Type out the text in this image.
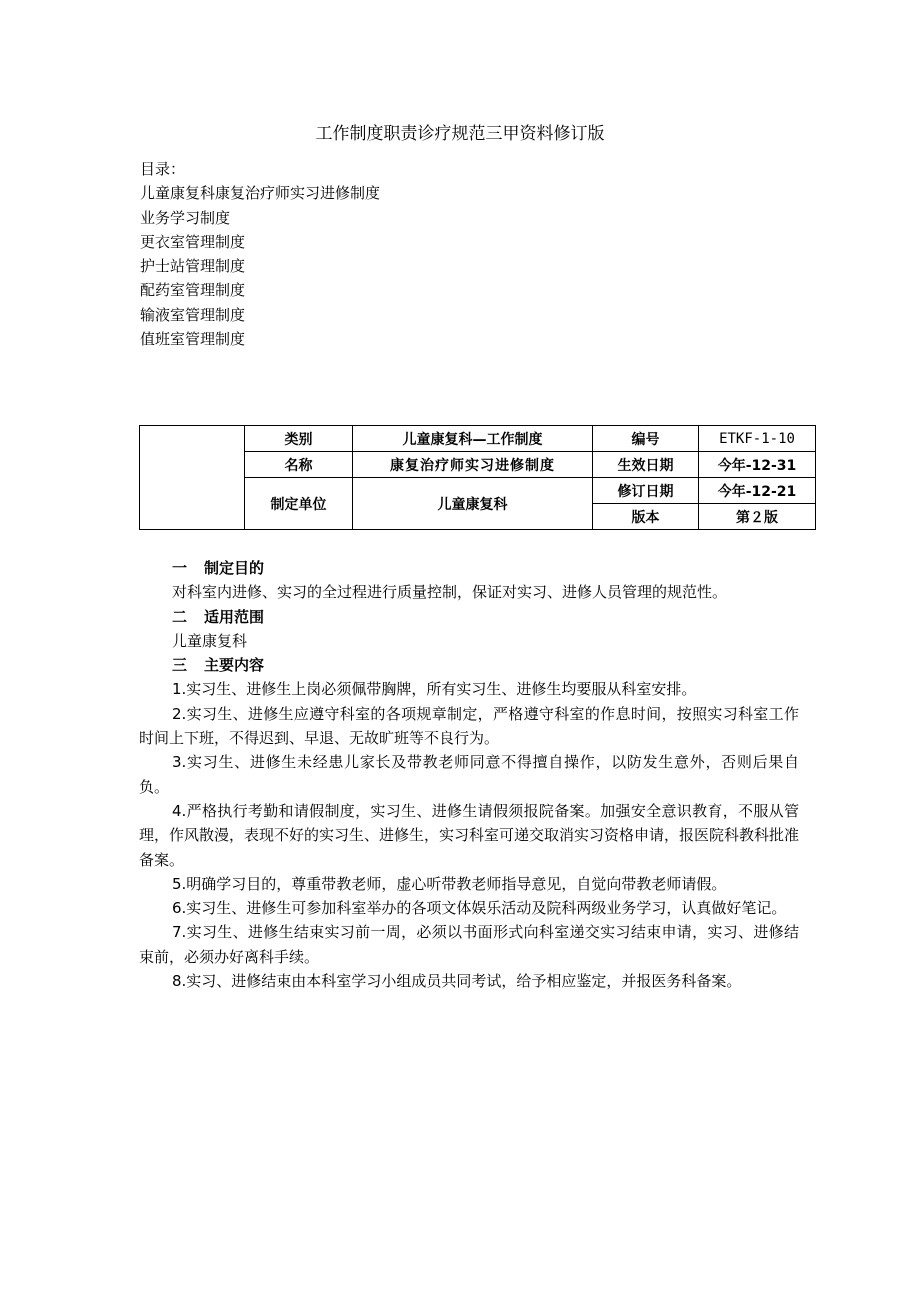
工作制度职责诊疗规范三甲资料修订版
目录：
儿童康复科康复治疗师实习进修制度
业务学习制度
更衣室管理制度
护士站管理制度
配药室管理制度
输液室管理制度
值班室管理制度
	类别	儿童康复科—工作制度	编号	ETKF-1-10
	名称	康复治疗师实习进修制度	生效日期	今年-12-31
	制定单位	儿童康复科	修订日期	今年-12-21
			版本	第２版

一 制定目的

对科室内进修、实习的全过程进行质量控制，保证对实习、进修人员管理的规范性。

二 适用范围

儿童康复科

三 主要内容

1.实习生、进修生上岗必须佩带胸牌，所有实习生、进修生均要服从科室安排。

2.实习生、进修生应遵守科室的各项规章制定，严格遵守科室的作息时间，按照实习科室工作时间上下班，不得迟到、早退、无故旷班等不良行为。

3.实习生、进修生未经患儿家长及带教老师同意不得擅自操作，以防发生意外，否则后果自负。

4.严格执行考勤和请假制度，实习生、进修生请假须报院备案。加强安全意识教育，不服从管理，作风散漫，表现不好的实习生、进修生，实习科室可递交取消实习资格申请，报医院科教科批准备案。

5.明确学习目的，尊重带教老师，虚心听带教老师指导意见，自觉向带教老师请假。

6.实习生、进修生可参加科室举办的各项文体娱乐活动及院科两级业务学习，认真做好笔记。

7.实习生、进修生结束实习前一周，必须以书面形式向科室递交实习结束申请，实习、进修结束前，必须办好离科手续。

8.实习、进修结束由本科室学习小组成员共同考试，给予相应鉴定，并报医务科备案。
